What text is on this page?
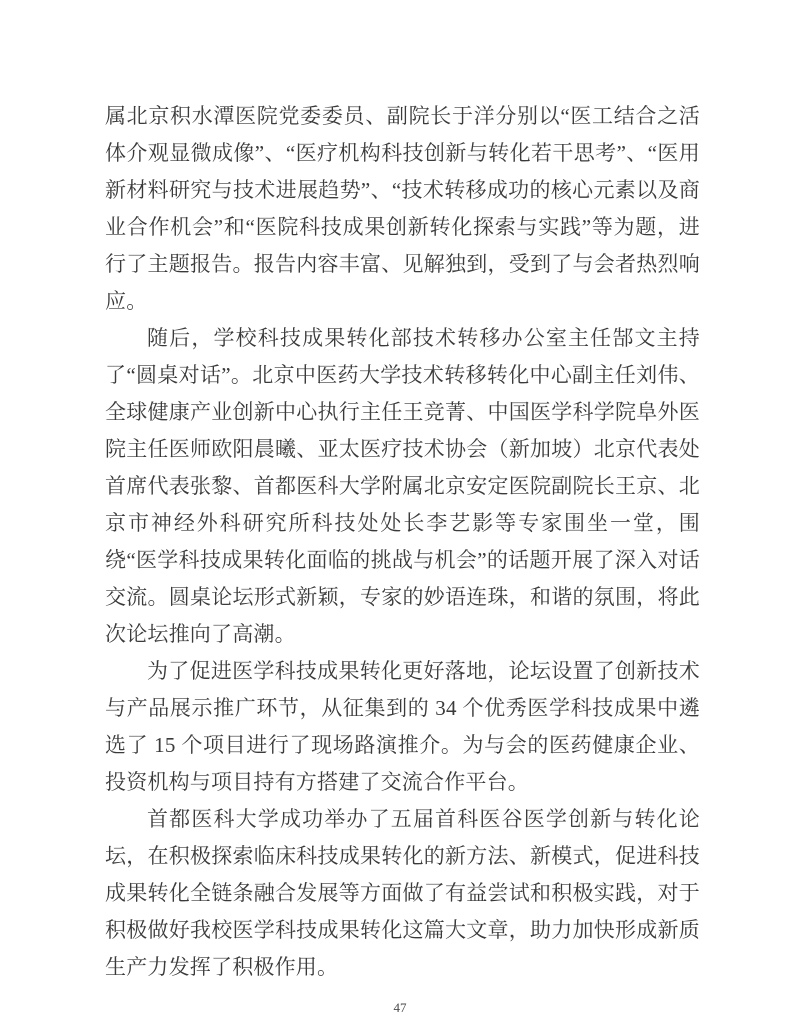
属北京积水潭医院党委委员、副院长于洋分别以“医工结合之活体介观显微成像”、“医疗机构科技创新与转化若干思考”、“医用新材料研究与技术进展趋势”、“技术转移成功的核心元素以及商业合作机会”和“医院科技成果创新转化探索与实践”等为题，进行了主题报告。报告内容丰富、见解独到，受到了与会者热烈响应。

随后，学校科技成果转化部技术转移办公室主任郜文主持了“圆桌对话”。北京中医药大学技术转移转化中心副主任刘伟、全球健康产业创新中心执行主任王竞菁、中国医学科学院阜外医院主任医师欧阳晨曦、亚太医疗技术协会（新加坡）北京代表处首席代表张黎、首都医科大学附属北京安定医院副院长王京、北京市神经外科研究所科技处处长李艺影等专家围坐一堂，围绕“医学科技成果转化面临的挑战与机会”的话题开展了深入对话交流。圆桌论坛形式新颖，专家的妙语连珠，和谐的氛围，将此次论坛推向了高潮。

为了促进医学科技成果转化更好落地，论坛设置了创新技术与产品展示推广环节，从征集到的 34 个优秀医学科技成果中遴选了 15 个项目进行了现场路演推介。为与会的医药健康企业、投资机构与项目持有方搭建了交流合作平台。

首都医科大学成功举办了五届首科医谷医学创新与转化论坛，在积极探索临床科技成果转化的新方法、新模式，促进科技成果转化全链条融合发展等方面做了有益尝试和积极实践，对于积极做好我校医学科技成果转化这篇大文章，助力加快形成新质生产力发挥了积极作用。

47
